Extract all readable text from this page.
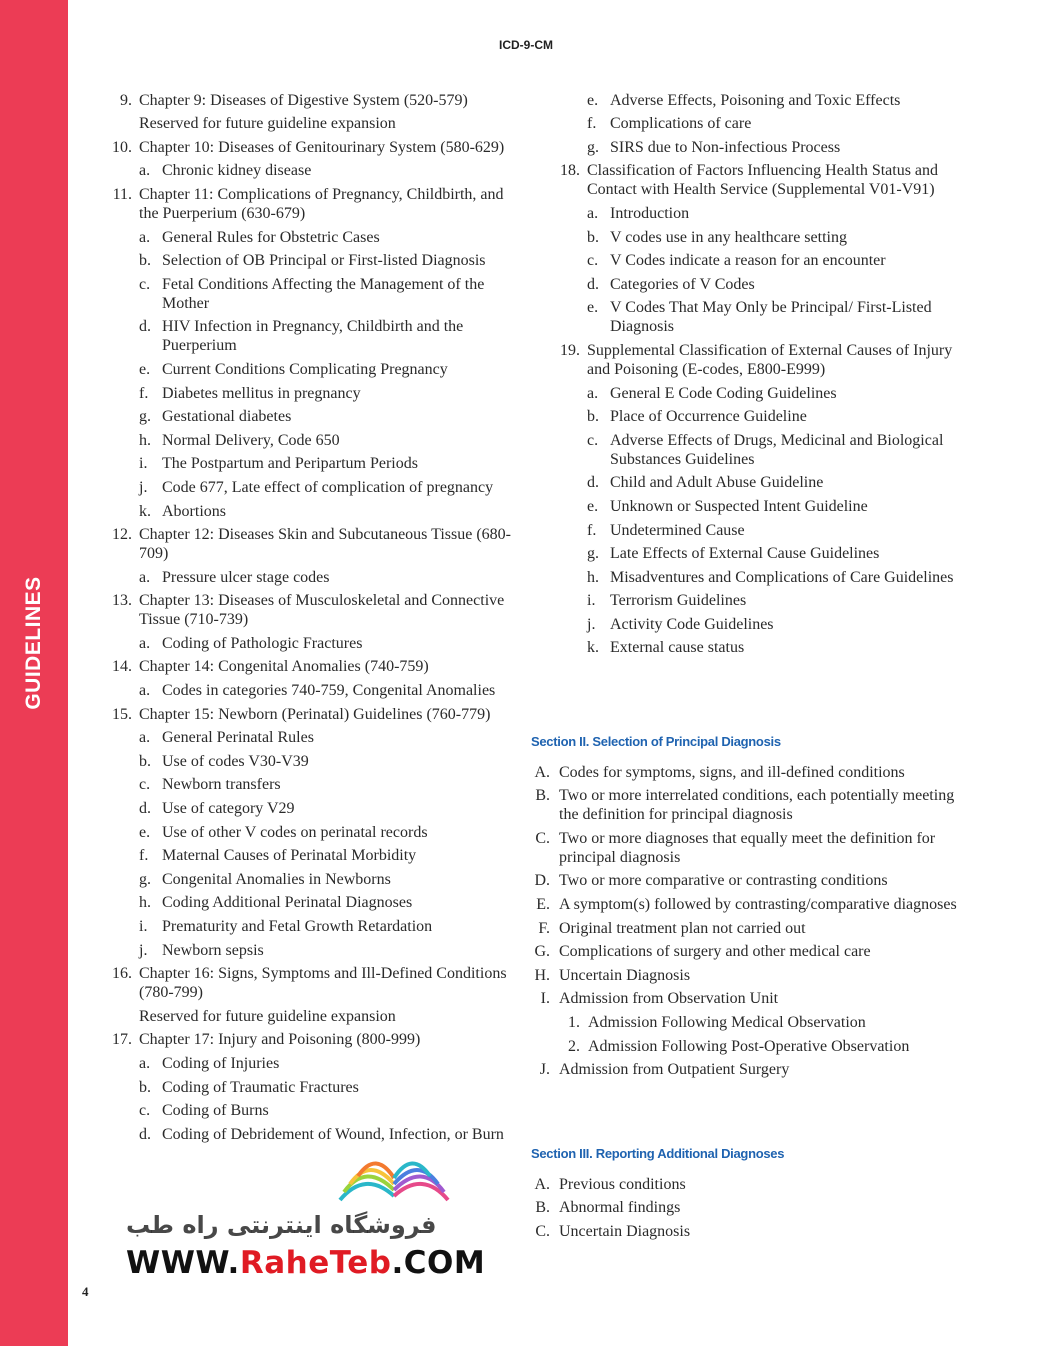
GUIDELINES
ICD-9-CM
9. Chapter 9: Diseases of Digestive System (520-579)
Reserved for future guideline expansion
10. Chapter 10: Diseases of Genitourinary System (580-629)
a. Chronic kidney disease
11. Chapter 11: Complications of Pregnancy, Childbirth, and the Puerperium (630-679)
a. General Rules for Obstetric Cases
b. Selection of OB Principal or First-listed Diagnosis
c. Fetal Conditions Affecting the Management of the Mother
d. HIV Infection in Pregnancy, Childbirth and the Puerperium
e. Current Conditions Complicating Pregnancy
f. Diabetes mellitus in pregnancy
g. Gestational diabetes
h. Normal Delivery, Code 650
i. The Postpartum and Peripartum Periods
j. Code 677, Late effect of complication of pregnancy
k. Abortions
12. Chapter 12: Diseases Skin and Subcutaneous Tissue (680-709)
a. Pressure ulcer stage codes
13. Chapter 13: Diseases of Musculoskeletal and Connective Tissue (710-739)
a. Coding of Pathologic Fractures
14. Chapter 14: Congenital Anomalies (740-759)
a. Codes in categories 740-759, Congenital Anomalies
15. Chapter 15: Newborn (Perinatal) Guidelines (760-779)
a. General Perinatal Rules
b. Use of codes V30-V39
c. Newborn transfers
d. Use of category V29
e. Use of other V codes on perinatal records
f. Maternal Causes of Perinatal Morbidity
g. Congenital Anomalies in Newborns
h. Coding Additional Perinatal Diagnoses
i. Prematurity and Fetal Growth Retardation
j. Newborn sepsis
16. Chapter 16: Signs, Symptoms and Ill-Defined Conditions (780-799)
Reserved for future guideline expansion
17. Chapter 17: Injury and Poisoning (800-999)
a. Coding of Injuries
b. Coding of Traumatic Fractures
c. Coding of Burns
d. Coding of Debridement of Wound, Infection, or Burn
e. Adverse Effects, Poisoning and Toxic Effects
f. Complications of care
g. SIRS due to Non-infectious Process
18. Classification of Factors Influencing Health Status and Contact with Health Service (Supplemental V01-V91)
a. Introduction
b. V codes use in any healthcare setting
c. V Codes indicate a reason for an encounter
d. Categories of V Codes
e. V Codes That May Only be Principal/ First-Listed Diagnosis
19. Supplemental Classification of External Causes of Injury and Poisoning (E-codes, E800-E999)
a. General E Code Coding Guidelines
b. Place of Occurrence Guideline
c. Adverse Effects of Drugs, Medicinal and Biological Substances Guidelines
d. Child and Adult Abuse Guideline
e. Unknown or Suspected Intent Guideline
f. Undetermined Cause
g. Late Effects of External Cause Guidelines
h. Misadventures and Complications of Care Guidelines
i. Terrorism Guidelines
j. Activity Code Guidelines
k. External cause status
Section II. Selection of Principal Diagnosis
A. Codes for symptoms, signs, and ill-defined conditions
B. Two or more interrelated conditions, each potentially meeting the definition for principal diagnosis
C. Two or more diagnoses that equally meet the definition for principal diagnosis
D. Two or more comparative or contrasting conditions
E. A symptom(s) followed by contrasting/comparative diagnoses
F. Original treatment plan not carried out
G. Complications of surgery and other medical care
H. Uncertain Diagnosis
I. Admission from Observation Unit
1. Admission Following Medical Observation
2. Admission Following Post-Operative Observation
J. Admission from Outpatient Surgery
Section III. Reporting Additional Diagnoses
A. Previous conditions
B. Abnormal findings
C. Uncertain Diagnosis
4
فروشگاه اینترنتی راه طب
WWW.RaheTeb.COM
